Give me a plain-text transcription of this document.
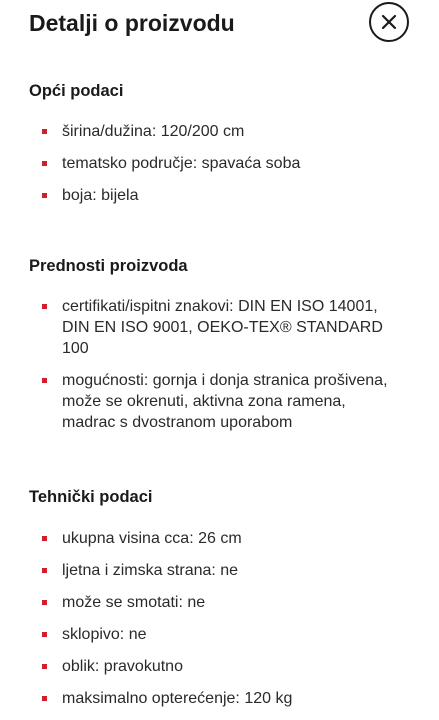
Detalji o proizvodu
Opći podaci
širina/dužina: 120/200 cm
tematsko područje: spavaća soba
boja: bijela
Prednosti proizvoda
certifikati/ispitni znakovi: DIN EN ISO 14001, DIN EN ISO 9001, OEKO-TEX® STANDARD 100
mogućnosti: gornja i donja stranica prošivena, može se okrenuti, aktivna zona ramena, madrac s dvostranom uporabom
Tehnički podaci
ukupna visina cca: 26 cm
ljetna i zimska strana: ne
može se smotati: ne
sklopivo: ne
oblik: pravokutno
maksimalno opterećenje: 120 kg
